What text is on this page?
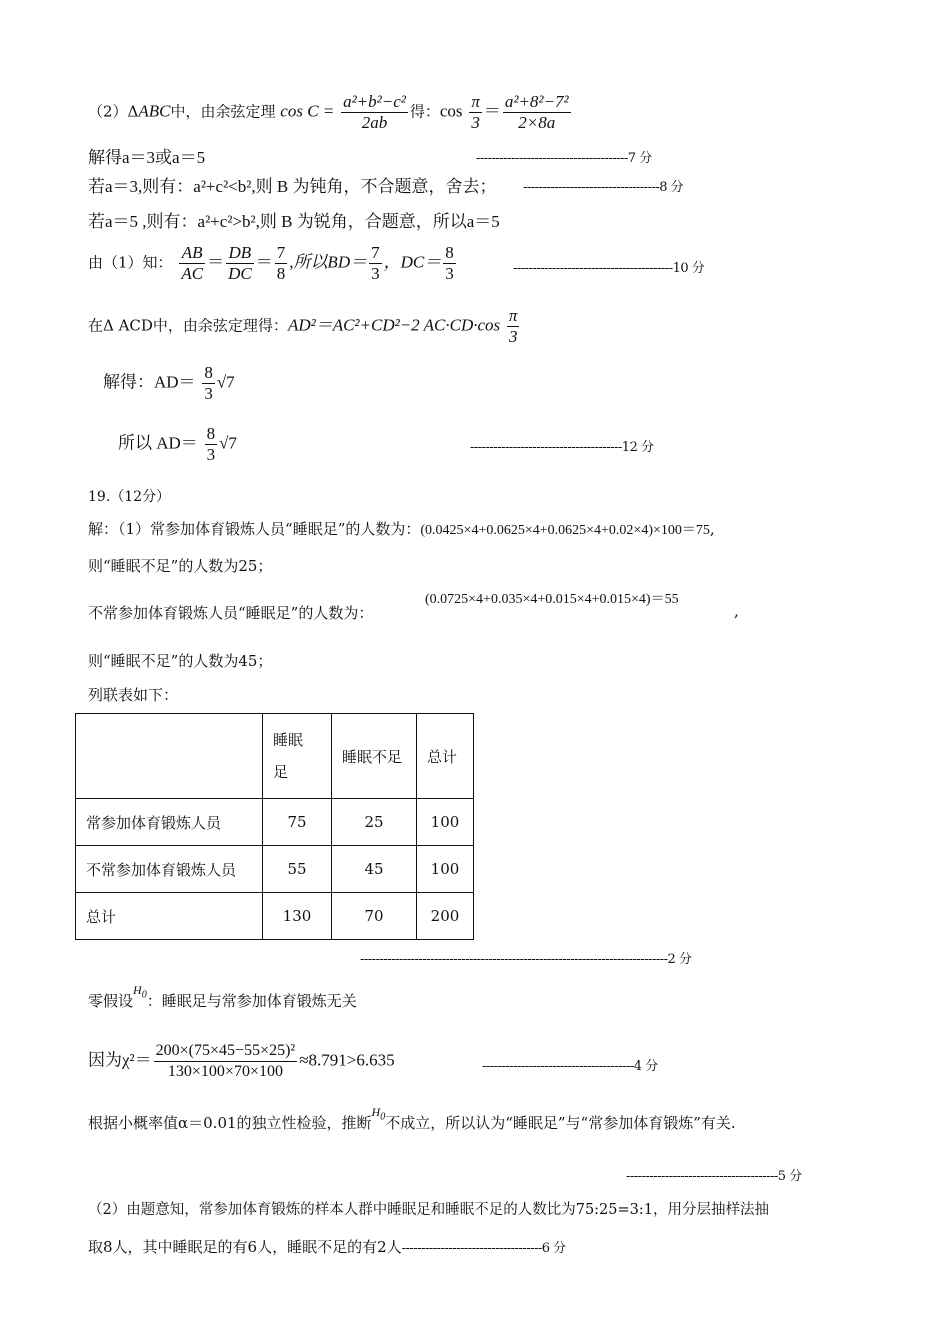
（2）ΔABC中，由余弦定理 $\cos C = \frac{\text{a²+b²−c²}}{2ab}$ 得：$\cos \frac{\pi}{3} = \frac{\text{a²+8²−7²}}{2\times 8a}$
解得a＝3或a＝5	---------------------------------------7 分
若a＝3,则有：a²+c²<b²,则 B 为钝角，不合题意，舍去； -----------------------------------8 分
若a＝5 ,则有：a²+c²>b²,则 B 为锐角，合题意，所以a＝5
由（1）知： $\frac{AB}{AC} = \frac{DB}{DC} = \frac{7}{8}$ ,所以$BD= \frac{7}{3}$ ，$DC= \frac{8}{3}$	-----------------------------------------10 分
在Δ ACD中，由余弦定理得：AD²＝AC²+CD²−2 $AC\cdot CD\cdot\cos \frac{\pi}{3}$
解得：$AD= \frac{8}{3} √7$
所以 $AD= \frac{8}{3} √7$	---------------------------------------12 分
19.（12分）
解：（1）常参加体育锻炼人员“睡眠足”的人数为：(0.0425×4+0.0625×4+0.0625×4+0.02×4)×100＝75,
则“睡眠不足”的人数为25；
不常参加体育锻炼人员“睡眠足”的人数为：
(0.0725×4+0.035×4+0.015×4+0.015×4)＝55
,
则“睡眠不足”的人数为45；
列联表如下：
	睡眠
足	睡眠不足	总计
常参加体育锻炼人员	75	25	100
不常参加体育锻炼人员	55	45	100
总计	130	70	200
-------------------------------------------------------------------------------2 分
零假设$^{H_0}$：睡眠足与常参加体育锻炼无关
因为$\chi^2= \frac{\text{200×(75×45−55×25)²}}{130\times 100\times 70\times 100} \approx 8.791>6.635$	---------------------------------------4 分
根据小概率值α＝0.01的独立性检验，推断$^{H_0}$不成立，所以认为“睡眠足”与“常参加体育锻炼”有关.
---------------------------------------5 分
（2）由题意知，常参加体育锻炼的样本人群中睡眠足和睡眠不足的人数比为75:25=3:1，用分层抽样法抽
取8人，其中睡眠足的有6人，睡眠不足的有2人------------------------------------6 分
